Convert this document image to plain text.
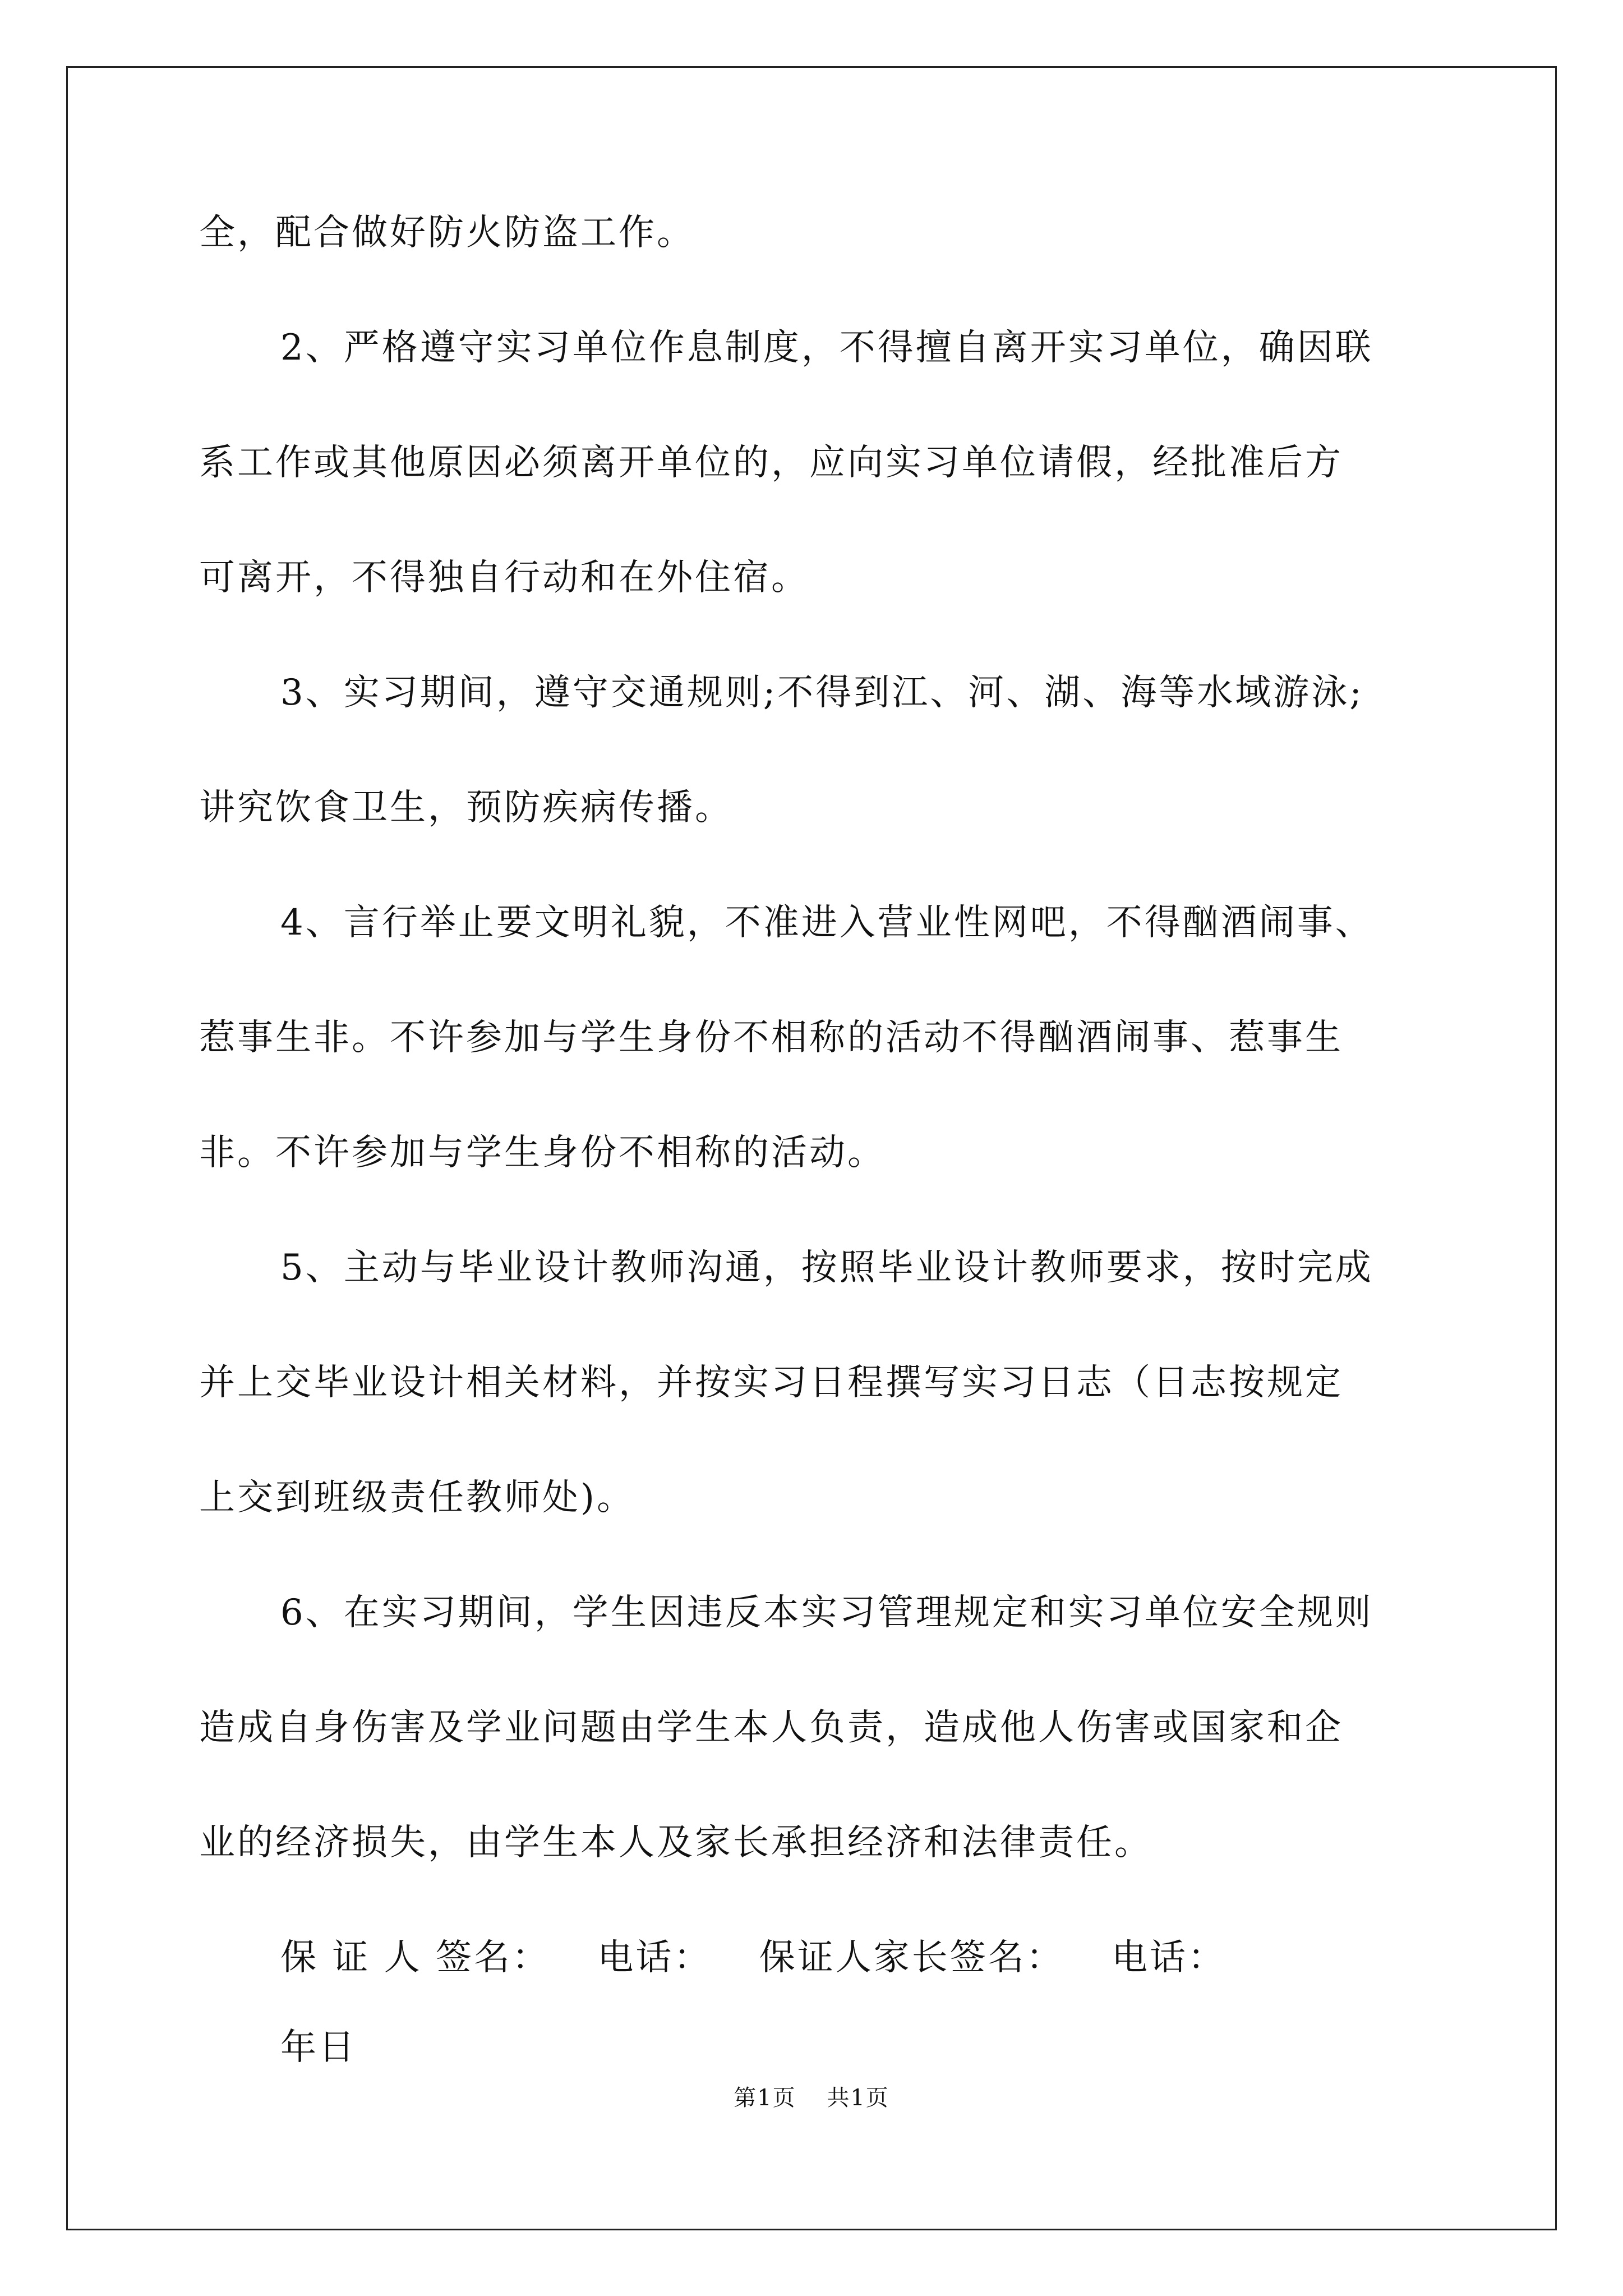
全，配合做好防火防盗工作。
2、严格遵守实习单位作息制度，不得擅自离开实习单位，确因联
系工作或其他原因必须离开单位的，应向实习单位请假，经批准后方
可离开，不得独自行动和在外住宿。
3、实习期间，遵守交通规则;不得到江、河、湖、海等水域游泳;
讲究饮食卫生，预防疾病传播。
4、言行举止要文明礼貌，不准进入营业性网吧，不得酗酒闹事、
惹事生非。不许参加与学生身份不相称的活动不得酗酒闹事、惹事生
非。不许参加与学生身份不相称的活动。
5、主动与毕业设计教师沟通，按照毕业设计教师要求，按时完成
并上交毕业设计相关材料，并按实习日程撰写实习日志（日志按规定
上交到班级责任教师处)。
6、在实习期间，学生因违反本实习管理规定和实习单位安全规则
造成自身伤害及学业问题由学生本人负责，造成他人伤害或国家和企
业的经济损失，由学生本人及家长承担经济和法律责任。
保 证 人 签名： 电话： 保证人家长签名： 电话：
年日
第1页 共1页
